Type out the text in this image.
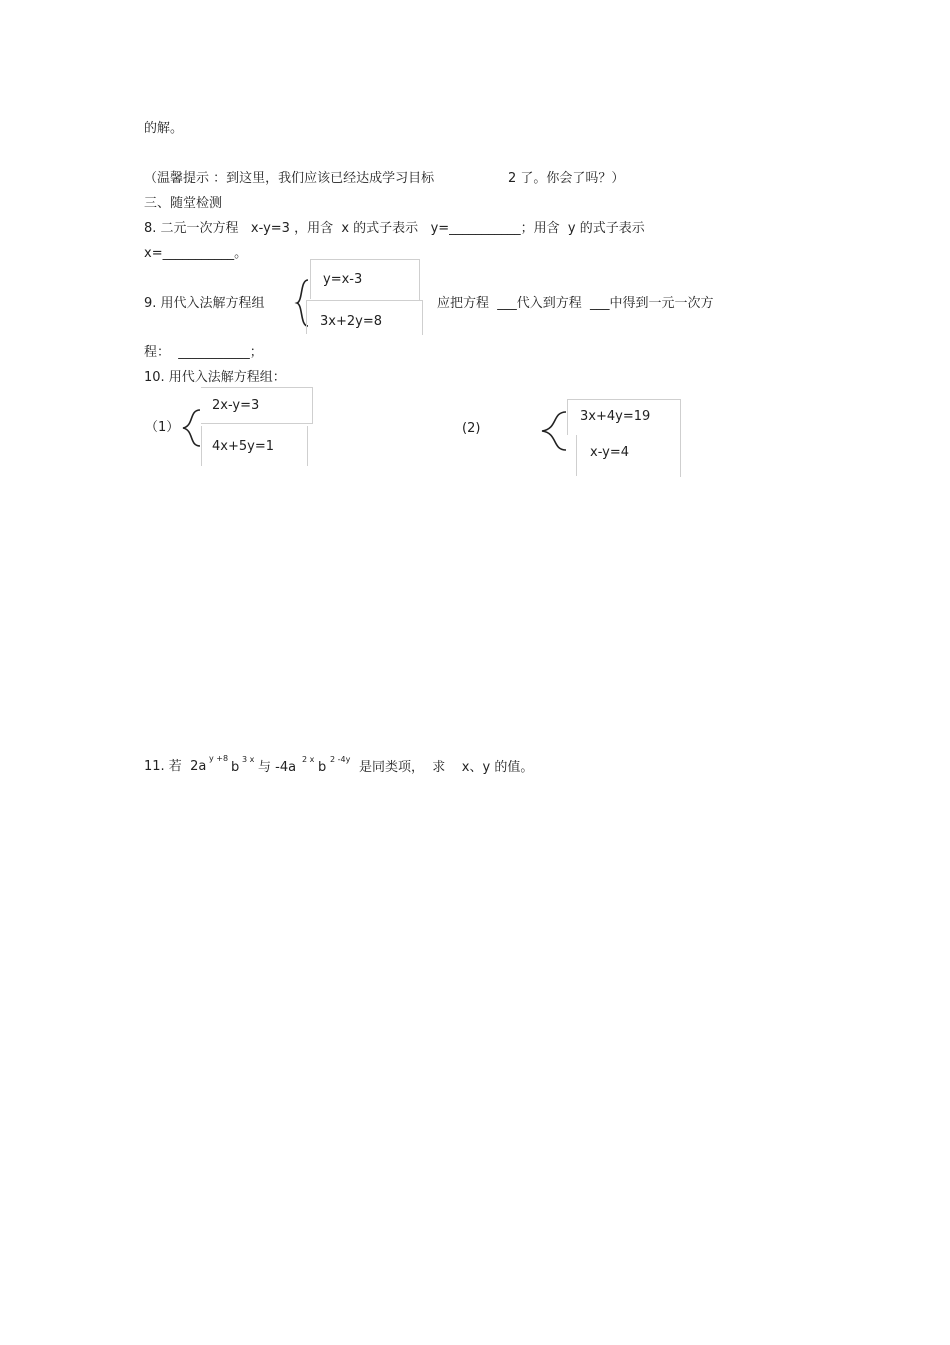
的解。
（温馨提示 ：到这里，我们应该已经达成学习目标	2 了。你会了吗？）
三、随堂检测
8. 二元一次方程   x-y=3 ，用含  x 的式子表示   y=___________；用含  y 的式子表示
x=___________。
9. 用代入法解方程组
y=x-3
3x+2y=8
应把方程  ___代入到方程  ___中得到一元一次方
程：  ___________；
10. 用代入法解方程组：
（1）
2x-y=3
4x+5y=1
(2)
3x+4y=19
x-y=4
11. 若  2a
y +8
b
3 x
与 -4a
2 x
b
2 -4y
是同类项，  求    x、y 的值。
